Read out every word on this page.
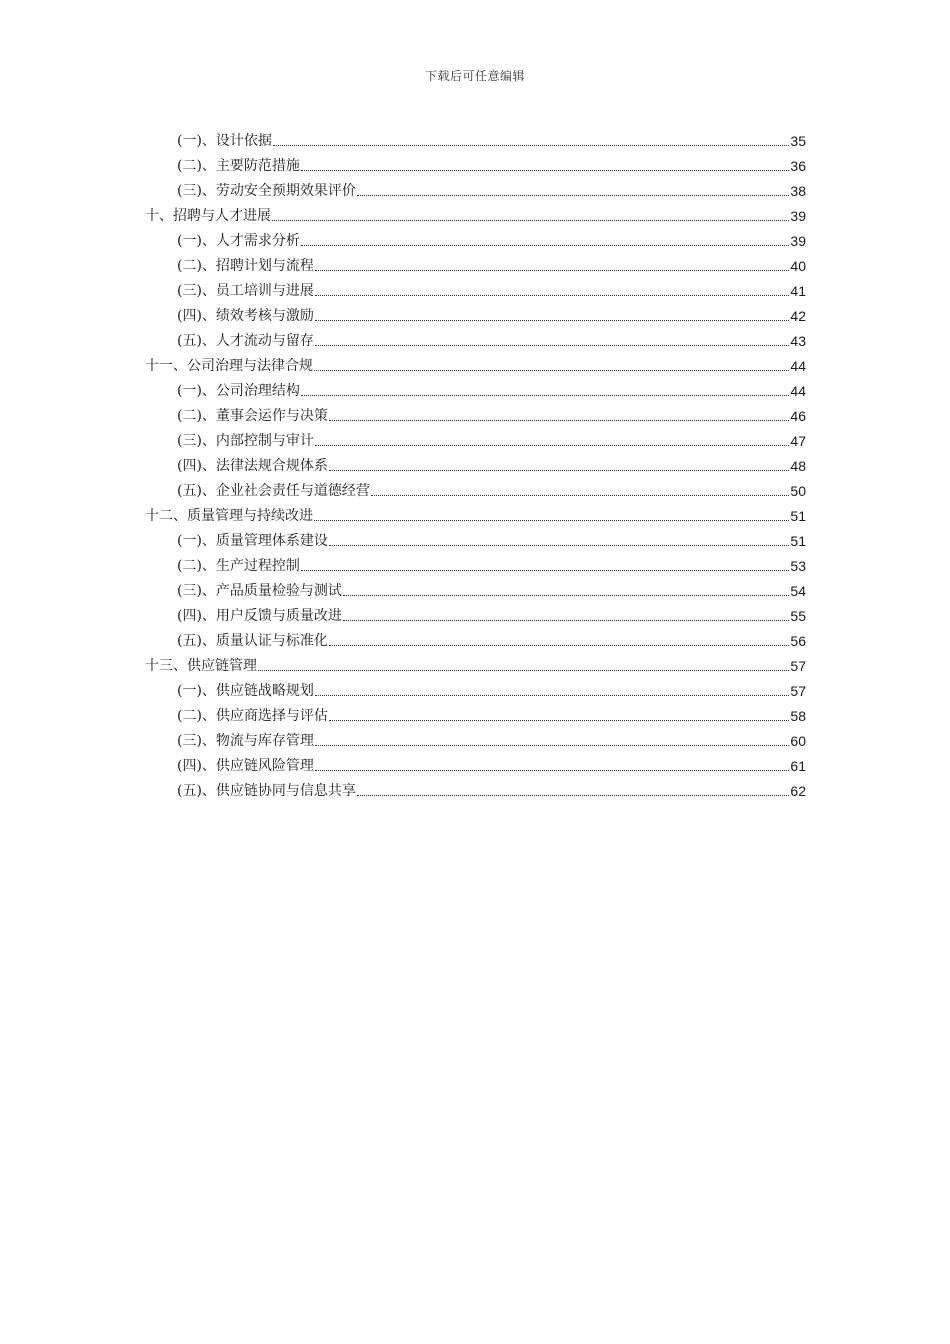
下载后可任意编辑
(一)、设计依据	35
(二)、主要防范措施	36
(三)、劳动安全预期效果评价	38
十、招聘与人才进展	39
(一)、人才需求分析	39
(二)、招聘计划与流程	40
(三)、员工培训与进展	41
(四)、绩效考核与激励	42
(五)、人才流动与留存	43
十一、公司治理与法律合规	44
(一)、公司治理结构	44
(二)、董事会运作与决策	46
(三)、内部控制与审计	47
(四)、法律法规合规体系	48
(五)、企业社会责任与道德经营	50
十二、质量管理与持续改进	51
(一)、质量管理体系建设	51
(二)、生产过程控制	53
(三)、产品质量检验与测试	54
(四)、用户反馈与质量改进	55
(五)、质量认证与标准化	56
十三、供应链管理	57
(一)、供应链战略规划	57
(二)、供应商选择与评估	58
(三)、物流与库存管理	60
(四)、供应链风险管理	61
(五)、供应链协同与信息共享	62
